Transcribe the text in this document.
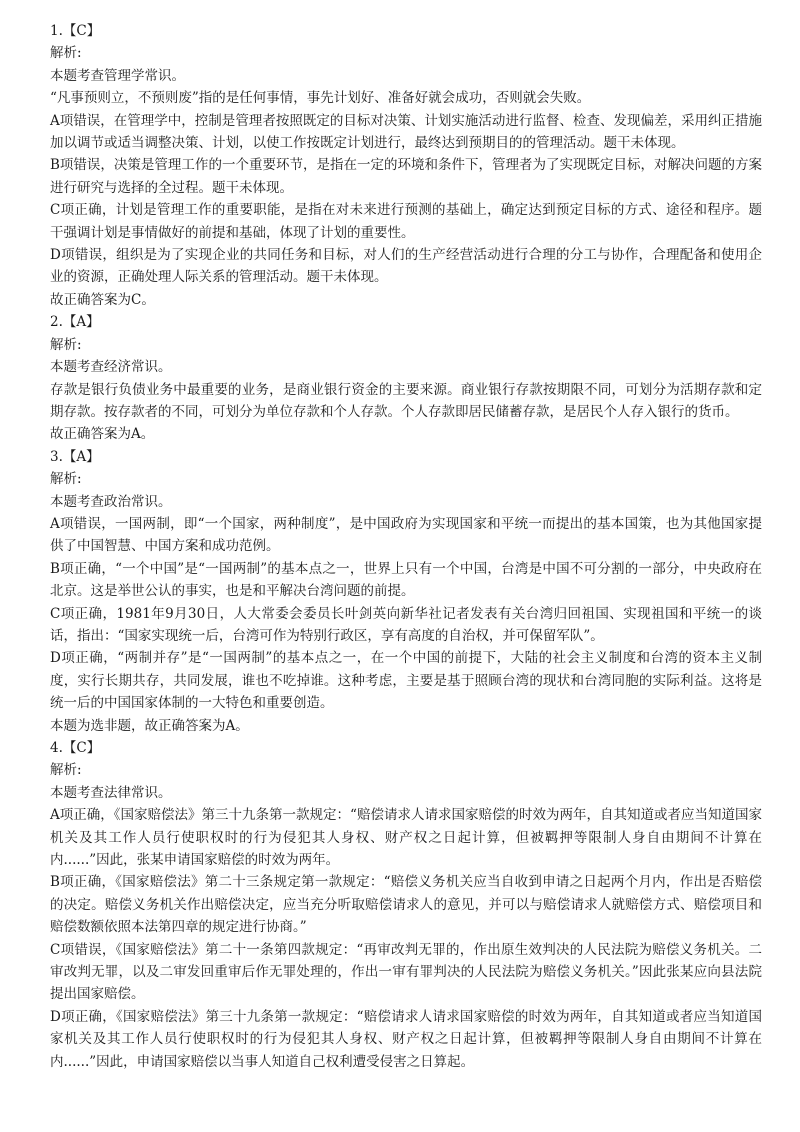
1.【C】

解析:

本题考查管理学常识。

“凡事预则立，不预则废”指的是任何事情，事先计划好、准备好就会成功，否则就会失败。

A项错误，在管理学中，控制是管理者按照既定的目标对决策、计划实施活动进行监督、检查、发现偏差，采用纠正措施加以调节或适当调整决策、计划，以使工作按既定计划进行，最终达到预期目的的管理活动。题干未体现。

B项错误，决策是管理工作的一个重要环节，是指在一定的环境和条件下，管理者为了实现既定目标，对解决问题的方案进行研究与选择的全过程。题干未体现。

C项正确，计划是管理工作的重要职能，是指在对未来进行预测的基础上，确定达到预定目标的方式、途径和程序。题干强调计划是事情做好的前提和基础，体现了计划的重要性。

D项错误，组织是为了实现企业的共同任务和目标，对人们的生产经营活动进行合理的分工与协作，合理配备和使用企业的资源，正确处理人际关系的管理活动。题干未体现。

故正确答案为C。

2.【A】

解析:

本题考查经济常识。

存款是银行负债业务中最重要的业务，是商业银行资金的主要来源。商业银行存款按期限不同，可划分为活期存款和定期存款。按存款者的不同，可划分为单位存款和个人存款。个人存款即居民储蓄存款，是居民个人存入银行的货币。

故正确答案为A。

3.【A】

解析:

本题考查政治常识。

A项错误，一国两制，即“一个国家，两种制度”，是中国政府为实现国家和平统一而提出的基本国策，也为其他国家提供了中国智慧、中国方案和成功范例。

B项正确，“一个中国”是“一国两制”的基本点之一，世界上只有一个中国，台湾是中国不可分割的一部分，中央政府在北京。这是举世公认的事实，也是和平解决台湾问题的前提。

C项正确，1981年9月30日，人大常委会委员长叶剑英向新华社记者发表有关台湾归回祖国、实现祖国和平统一的谈话，指出：“国家实现统一后，台湾可作为特别行政区，享有高度的自治权，并可保留军队”。

D项正确，“两制并存”是“一国两制”的基本点之一，在一个中国的前提下，大陆的社会主义制度和台湾的资本主义制度，实行长期共存，共同发展，谁也不吃掉谁。这种考虑，主要是基于照顾台湾的现状和台湾同胞的实际利益。这将是统一后的中国国家体制的一大特色和重要创造。

本题为选非题，故正确答案为A。

4.【C】

解析:

本题考查法律常识。

A项正确，《国家赔偿法》第三十九条第一款规定：“赔偿请求人请求国家赔偿的时效为两年，自其知道或者应当知道国家机关及其工作人员行使职权时的行为侵犯其人身权、财产权之日起计算，但被羁押等限制人身自由期间不计算在内......”因此，张某申请国家赔偿的时效为两年。

B项正确，《国家赔偿法》第二十三条规定第一款规定：“赔偿义务机关应当自收到申请之日起两个月内，作出是否赔偿的决定。赔偿义务机关作出赔偿决定，应当充分听取赔偿请求人的意见，并可以与赔偿请求人就赔偿方式、赔偿项目和赔偿数额依照本法第四章的规定进行协商。”

C项错误，《国家赔偿法》第二十一条第四款规定：“再审改判无罪的，作出原生效判决的人民法院为赔偿义务机关。二审改判无罪，以及二审发回重审后作无罪处理的，作出一审有罪判决的人民法院为赔偿义务机关。”因此张某应向县法院提出国家赔偿。

D项正确，《国家赔偿法》第三十九条第一款规定：“赔偿请求人请求国家赔偿的时效为两年，自其知道或者应当知道国家机关及其工作人员行使职权时的行为侵犯其人身权、财产权之日起计算，但被羁押等限制人身自由期间不计算在内......”因此，申请国家赔偿以当事人知道自己权利遭受侵害之日算起。
